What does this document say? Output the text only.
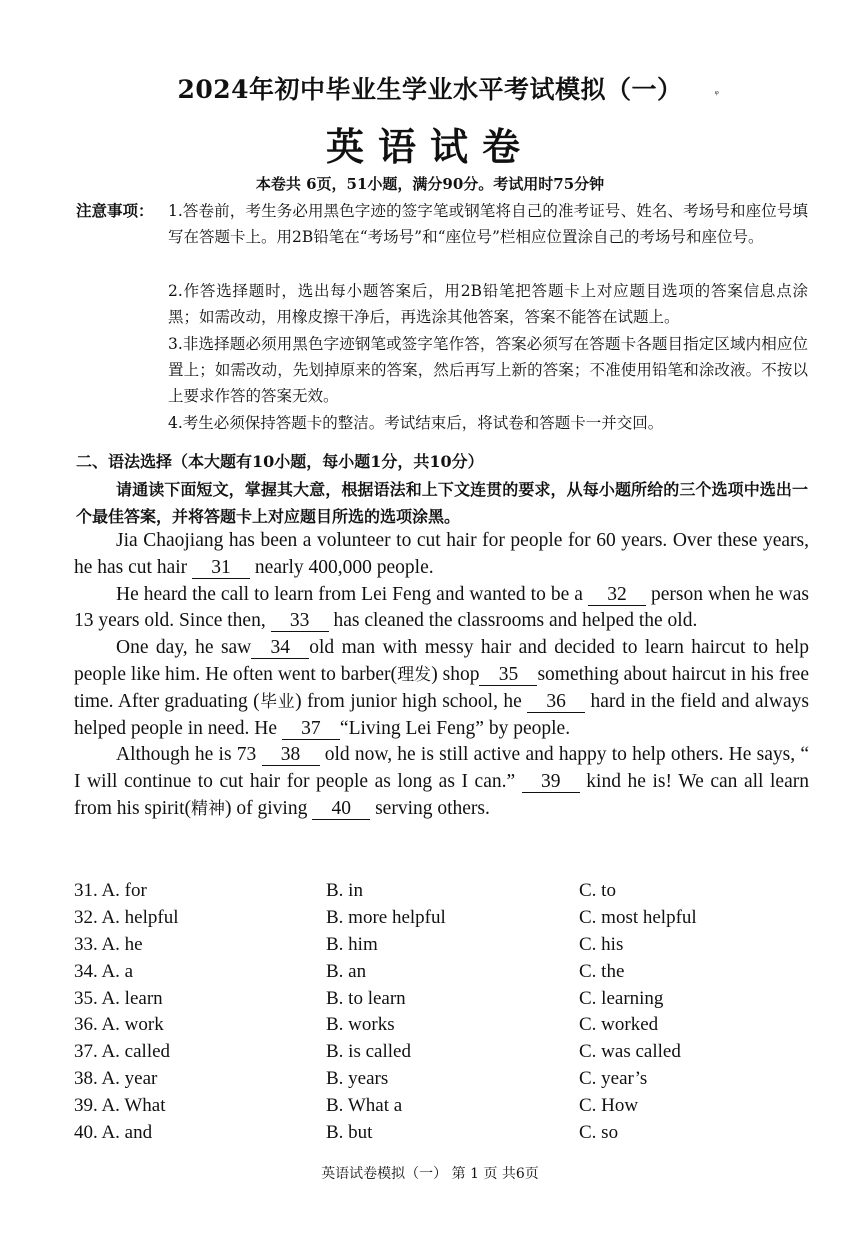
2024年初中毕业生学业水平考试模拟（一）	ᵠ
英语试卷
本卷共 6页，51小题，满分90分。考试用时75分钟
注意事项： 1.答卷前，考生务必用黑色字迹的签字笔或钢笔将自己的准考证号、姓名、考场号和座位号填写在答题卡上。用2B铅笔在“考场号”和“座位号”栏相应位置涂自己的考场号和座位号。
2.作答选择题时，选出每小题答案后，用2B铅笔把答题卡上对应题目选项的答案信息点涂黑；如需改动，用橡皮擦干净后，再选涂其他答案，答案不能答在试题上。
3.非选择题必须用黑色字迹钢笔或签字笔作答，答案必须写在答题卡各题目指定区域内相应位置上；如需改动，先划掉原来的答案，然后再写上新的答案；不准使用铅笔和涂改液。不按以上要求作答的答案无效。
4.考生必须保持答题卡的整洁。考试结束后，将试卷和答题卡一并交回。
二、语法选择（本大题有10小题，每小题1分，共10分）
请通读下面短文，掌握其大意，根据语法和上下文连贯的要求，从每小题所给的三个选项中选出一个最佳答案，并将答题卡上对应题目所选的选项涂黑。

Jia Chaojiang has been a volunteer to cut hair for people for 60 years. Over these years, he has cut hair 31 nearly 400,000 people.

He heard the call to learn from Lei Feng and wanted to be a 32 person when he was 13 years old. Since then, 33 has cleaned the classrooms and helped the old.

One day, he saw 34 old man with messy hair and decided to learn haircut to help people like him. He often went to barber(理发) shop 35 something about haircut in his free time. After graduating (毕业) from junior high school, he 36 hard in the field and always helped people in need. He 37 “Living Lei Feng” by people.

Although he is 73 38 old now, he is still active and happy to help others. He says, “ I will continue to cut hair for people as long as I can.” 39 kind he is! We can all learn from his spirit(精神) of giving 40 serving others.

31. A. for	B. in	C. to
32. A. helpful	B. more helpful	C. most helpful
33. A. he	B. him	C. his
34. A. a	B. an	C. the
35. A. learn	B. to learn	C. learning
36. A. work	B. works	C. worked
37. A. called	B. is called	C. was called
38. A. year	B. years	C. year’s
39. A. What	B. What a	C. How
40. A. and	B. but	C. so
英语试卷模拟（一） 第 1 页 共6页
